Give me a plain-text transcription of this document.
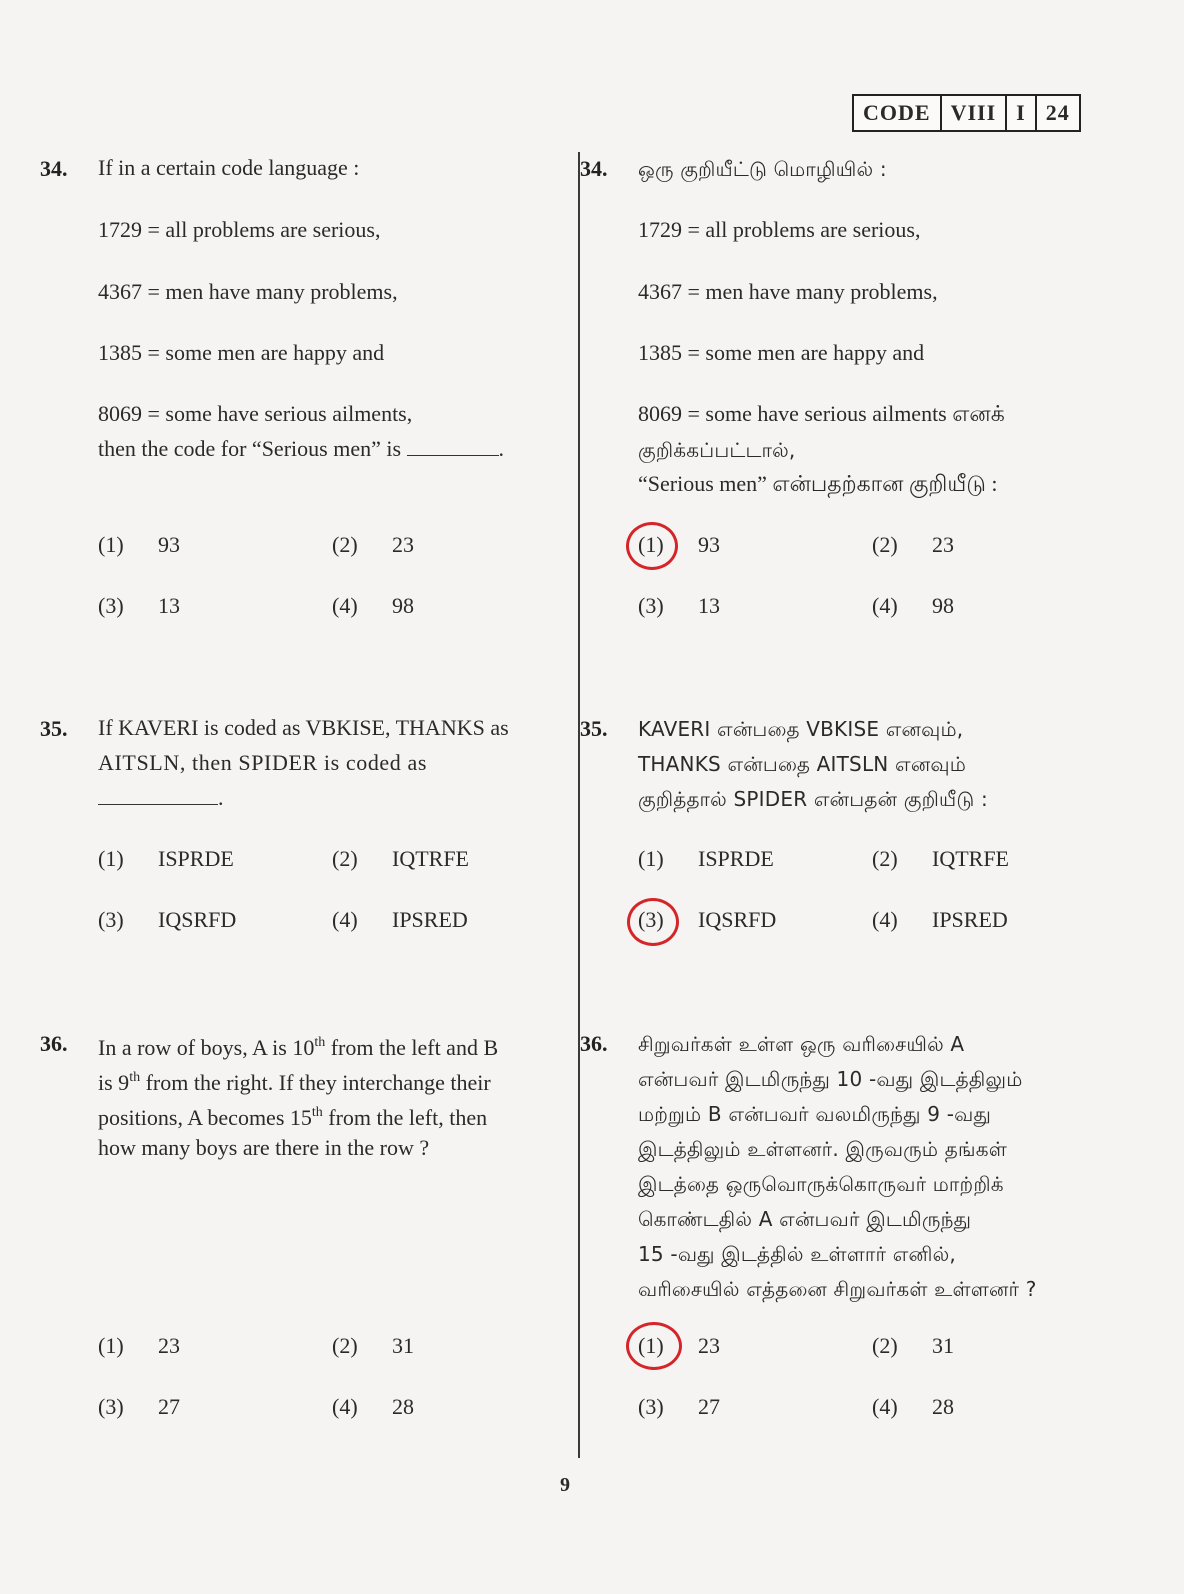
CODE VIII I 24
34. If in a certain code language :
1729 = all problems are serious,
4367 = men have many problems,
1385 = some men are happy and
8069 = some have serious ailments,
then the code for “Serious men” is	.
(1)	93	(2)	23
(3)	13	(4)	98
34. ஒரு குறியீட்டு மொழியில் :
1729 = all problems are serious,
4367 = men have many problems,
1385 = some men are happy and
8069 = some have serious ailments எனக்
குறிக்கப்பட்டால்,
“Serious men” என்பதற்கான குறியீடு :
(1)	93	(2)	23
(3)	13	(4)	98
35. If KAVERI is coded as VBKISE, THANKS as
AITSLN, then SPIDER is coded as
.
(1)	ISPRDE	(2)	IQTRFE
(3)	IQSRFD	(4)	IPSRED
35. KAVERI என்பதை VBKISE எனவும்,
THANKS என்பதை AITSLN எனவும்
குறித்தால் SPIDER என்பதன் குறியீடு :
(1)	ISPRDE	(2)	IQTRFE
(3)	IQSRFD	(4)	IPSRED
36. In a row of boys, A is 10th from the left and B
is 9th from the right. If they interchange their
positions, A becomes 15th from the left, then
how many boys are there in the row ?
(1)	23	(2)	31
(3)	27	(4)	28
36. சிறுவர்கள் உள்ள ஒரு வரிசையில் A
என்பவர் இடமிருந்து 10 -வது இடத்திலும்
மற்றும் B என்பவர் வலமிருந்து 9 -வது
இடத்திலும் உள்ளனர். இருவரும் தங்கள்
இடத்தை ஒருவொருக்கொருவர் மாற்றிக்
கொண்டதில் A என்பவர் இடமிருந்து
15 -வது இடத்தில் உள்ளார் எனில்,
வரிசையில் எத்தனை சிறுவர்கள் உள்ளனர் ?
(1)	23	(2)	31
(3)	27	(4)	28
9
